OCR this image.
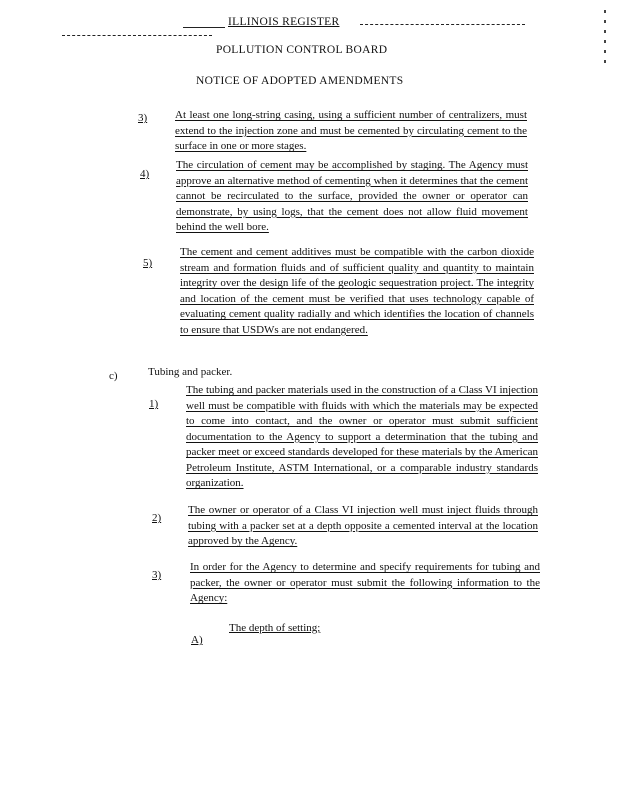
ILLINOIS REGISTER
POLLUTION CONTROL BOARD
NOTICE OF ADOPTED AMENDMENTS
3)	At least one long-string casing, using a sufficient number of centralizers, must extend to the injection zone and must be cemented by circulating cement to the surface in one or more stages.
4)
The circulation of cement may be accomplished by staging. The Agency must approve an alternative method of cementing when it determines that the cement cannot be recirculated to the surface, provided the owner or operator can demonstrate, by using logs, that the cement does not allow fluid movement behind the well bore.
5)
The cement and cement additives must be compatible with the carbon dioxide stream and formation fluids and of sufficient quality and quantity to maintain integrity over the design life of the geologic sequestration project. The integrity and location of the cement must be verified that uses technology capable of evaluating cement quality radially and which identifies the location of channels to ensure that USDWs are not endangered.
c)	Tubing and packer.
1)
The tubing and packer materials used in the construction of a Class VI injection well must be compatible with fluids with which the materials may be expected to come into contact, and the owner or operator must submit sufficient documentation to the Agency to support a determination that the tubing and packer meet or exceed standards developed for these materials by the American Petroleum Institute, ASTM International, or a comparable industry standards organization.
2)
The owner or operator of a Class VI injection well must inject fluids through tubing with a packer set at a depth opposite a cemented interval at the location approved by the Agency.
3)
In order for the Agency to determine and specify requirements for tubing and packer, the owner or operator must submit the following information to the Agency:
A)
The depth of setting;
